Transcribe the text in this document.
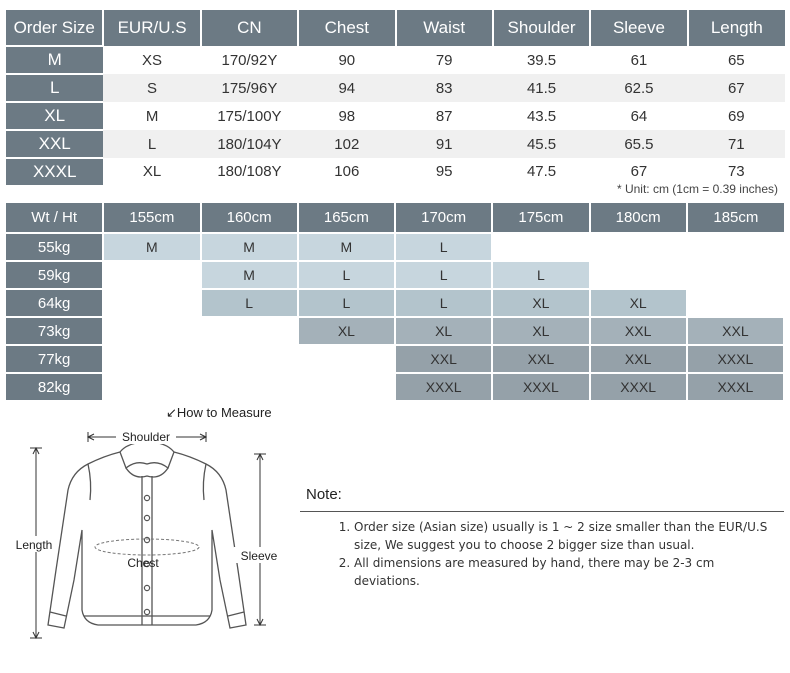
Order Size	EUR/U.S	CN	Chest	Waist	Shoulder	Sleeve	Length
M	XS	170/92Y	90	79	39.5	61	65
L	S	175/96Y	94	83	41.5	62.5	67
XL	M	175/100Y	98	87	43.5	64	69
XXL	L	180/104Y	102	91	45.5	65.5	71
XXXL	XL	180/108Y	106	95	47.5	67	73
* Unit: cm (1cm = 0.39 inches)
Wt / Ht	155cm	160cm	165cm	170cm	175cm	180cm	185cm
55kg	M	M	M	L			
59kg		M	L	L	L		
64kg		L	L	L	XL	XL	
73kg			XL	XL	XL	XXL	XXL
77kg				XXL	XXL	XXL	XXXL
82kg				XXXL	XXXL	XXXL	XXXL
↙How to Measure
Shoulder
Length
Sleeve
Chest
Note:
1. Order size (Asian size) usually is 1 ~ 2 size smaller than the EUR/U.S size, We suggest you to choose 2 bigger size than usual.
2. All dimensions are measured by hand, there may be 2-3 cm deviations.
